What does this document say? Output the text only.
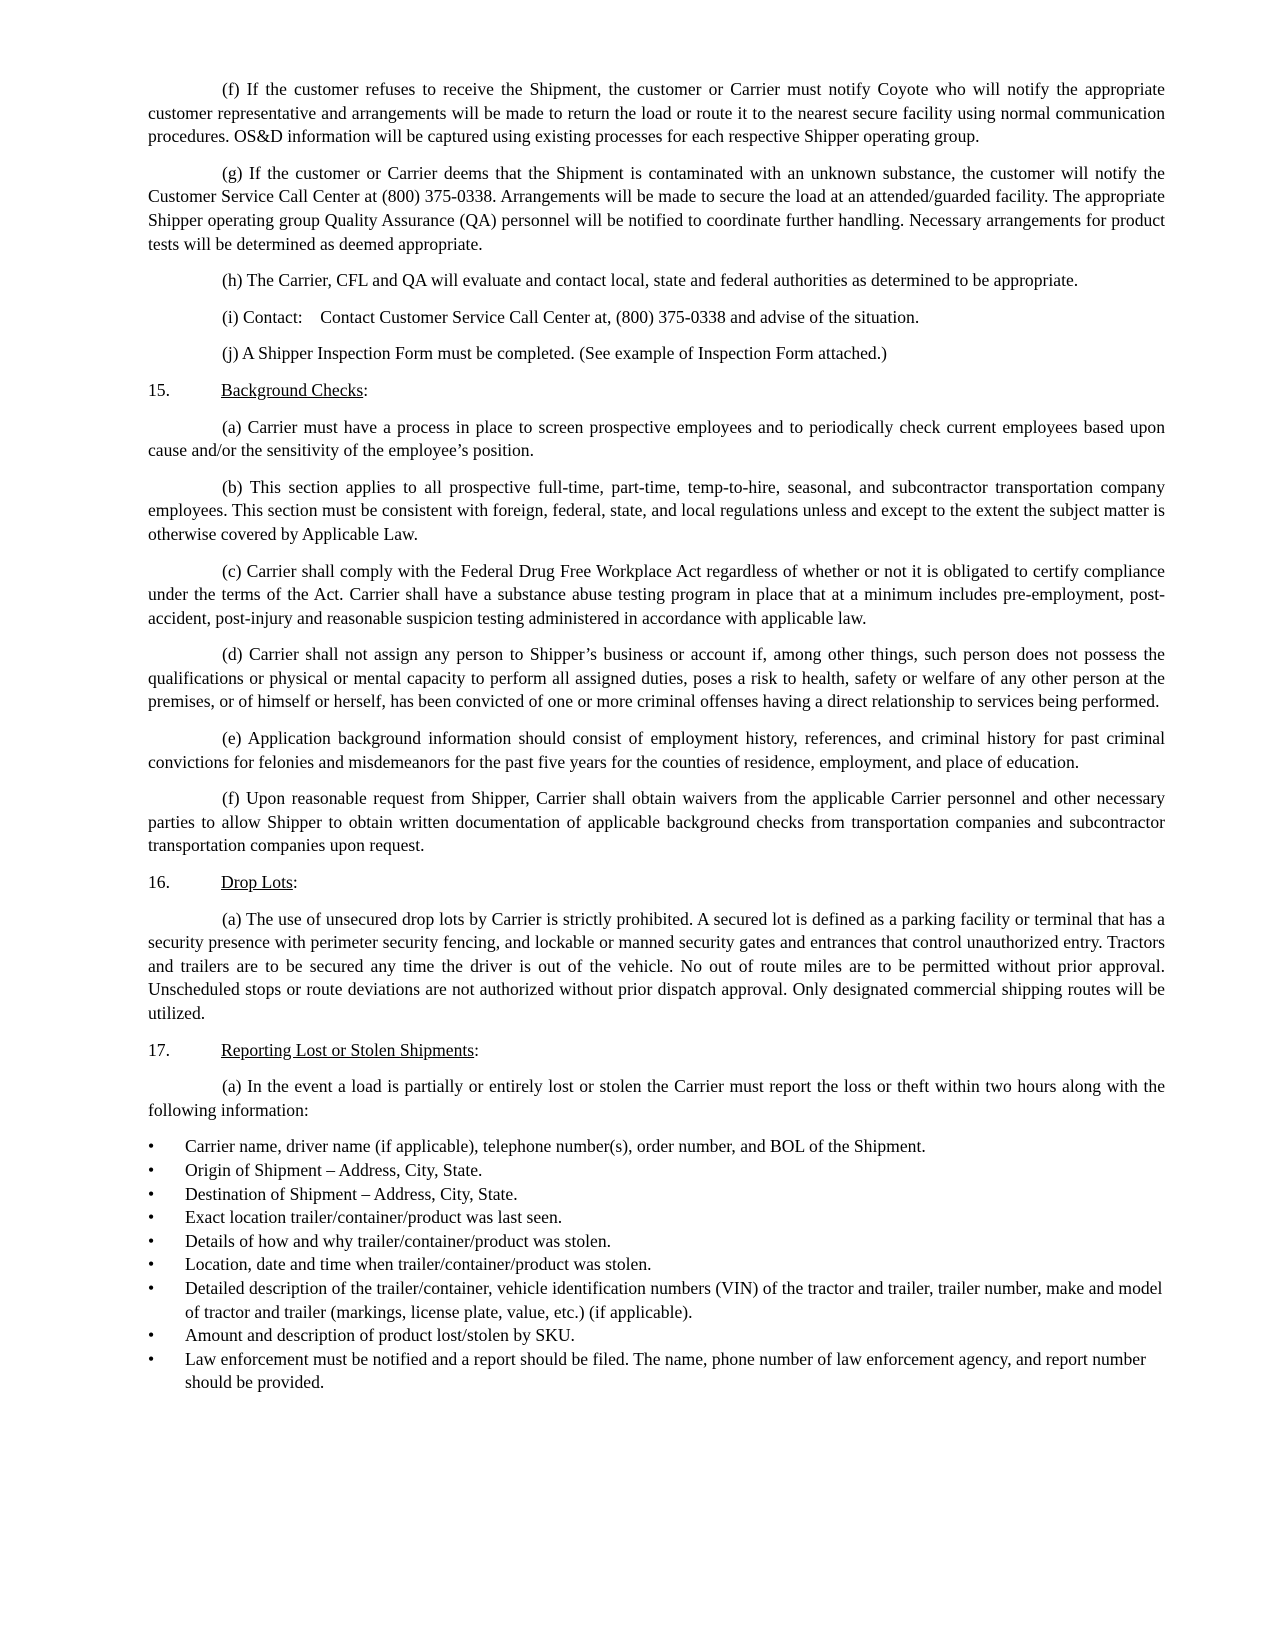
(f) If the customer refuses to receive the Shipment, the customer or Carrier must notify Coyote who will notify the appropriate customer representative and arrangements will be made to return the load or route it to the nearest secure facility using normal communication procedures. OS&D information will be captured using existing processes for each respective Shipper operating group.

(g) If the customer or Carrier deems that the Shipment is contaminated with an unknown substance, the customer will notify the Customer Service Call Center at (800) 375-0338. Arrangements will be made to secure the load at an attended/guarded facility. The appropriate Shipper operating group Quality Assurance (QA) personnel will be notified to coordinate further handling. Necessary arrangements for product tests will be determined as deemed appropriate.

(h) The Carrier, CFL and QA will evaluate and contact local, state and federal authorities as determined to be appropriate.

(i) Contact: Contact Customer Service Call Center at, (800) 375-0338 and advise of the situation.

(j) A Shipper Inspection Form must be completed. (See example of Inspection Form attached.)

15.	Background Checks:

(a) Carrier must have a process in place to screen prospective employees and to periodically check current employees based upon cause and/or the sensitivity of the employee’s position.

(b) This section applies to all prospective full-time, part-time, temp-to-hire, seasonal, and subcontractor transportation company employees. This section must be consistent with foreign, federal, state, and local regulations unless and except to the extent the subject matter is otherwise covered by Applicable Law.

(c) Carrier shall comply with the Federal Drug Free Workplace Act regardless of whether or not it is obligated to certify compliance under the terms of the Act. Carrier shall have a substance abuse testing program in place that at a minimum includes pre-employment, post-accident, post-injury and reasonable suspicion testing administered in accordance with applicable law.

(d) Carrier shall not assign any person to Shipper’s business or account if, among other things, such person does not possess the qualifications or physical or mental capacity to perform all assigned duties, poses a risk to health, safety or welfare of any other person at the premises, or of himself or herself, has been convicted of one or more criminal offenses having a direct relationship to services being performed.

(e) Application background information should consist of employment history, references, and criminal history for past criminal convictions for felonies and misdemeanors for the past five years for the counties of residence, employment, and place of education.

(f) Upon reasonable request from Shipper, Carrier shall obtain waivers from the applicable Carrier personnel and other necessary parties to allow Shipper to obtain written documentation of applicable background checks from transportation companies and subcontractor transportation companies upon request.

16.	Drop Lots:

(a) The use of unsecured drop lots by Carrier is strictly prohibited. A secured lot is defined as a parking facility or terminal that has a security presence with perimeter security fencing, and lockable or manned security gates and entrances that control unauthorized entry. Tractors and trailers are to be secured any time the driver is out of the vehicle. No out of route miles are to be permitted without prior approval. Unscheduled stops or route deviations are not authorized without prior dispatch approval. Only designated commercial shipping routes will be utilized.

17.	Reporting Lost or Stolen Shipments:

(a) In the event a load is partially or entirely lost or stolen the Carrier must report the loss or theft within two hours along with the following information:

• Carrier name, driver name (if applicable), telephone number(s), order number, and BOL of the Shipment.
• Origin of Shipment – Address, City, State.
• Destination of Shipment – Address, City, State.
• Exact location trailer/container/product was last seen.
• Details of how and why trailer/container/product was stolen.
• Location, date and time when trailer/container/product was stolen.
• Detailed description of the trailer/container, vehicle identification numbers (VIN) of the tractor and trailer, trailer number, make and model of tractor and trailer (markings, license plate, value, etc.) (if applicable).
• Amount and description of product lost/stolen by SKU.
• Law enforcement must be notified and a report should be filed. The name, phone number of law enforcement agency, and report number should be provided.
